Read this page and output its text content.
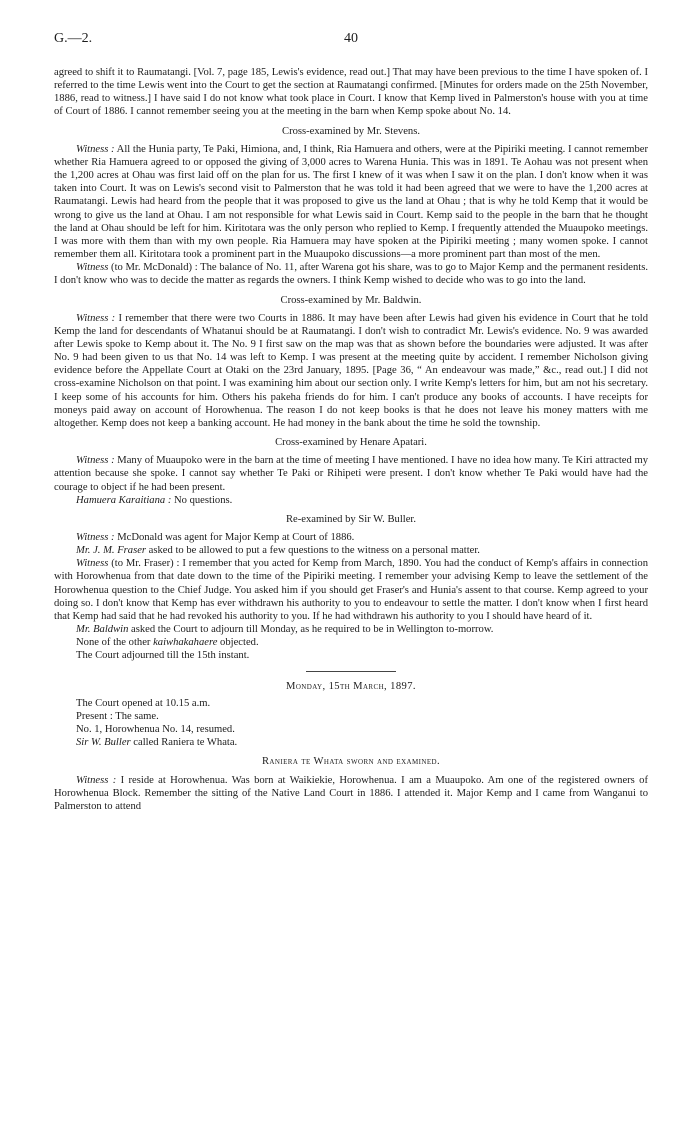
G.—2.	40

agreed to shift it to Raumatangi. [Vol. 7, page 185, Lewis's evidence, read out.] That may have been previous to the time I have spoken of. I referred to the time Lewis went into the Court to get the section at Raumatangi confirmed. [Minutes for orders made on the 25th November, 1886, read to witness.] I have said I do not know what took place in Court. I know that Kemp lived in Palmerston's house with you at time of Court of 1886. I cannot remember seeing you at the meeting in the barn when Kemp spoke about No. 14.

Cross-examined by Mr. Stevens.

Witness : All the Hunia party, Te Paki, Himiona, and, I think, Ria Hamuera and others, were at the Pipiriki meeting. I cannot remember whether Ria Hamuera agreed to or opposed the giving of 3,000 acres to Warena Hunia. This was in 1891. Te Aohau was not present when the 1,200 acres at Ohau was first laid off on the plan for us. The first I knew of it was when I saw it on the plan. I don't know when it was taken into Court. It was on Lewis's second visit to Palmerston that he was told it had been agreed that we were to have the 1,200 acres at Raumatangi. Lewis had heard from the people that it was proposed to give us the land at Ohau ; that is why he told Kemp that it would be wrong to give us the land at Ohau. I am not responsible for what Lewis said in Court. Kemp said to the people in the barn that he thought the land at Ohau should be left for him. Kiritotara was the only person who replied to Kemp. I frequently attended the Muaupoko meetings. I was more with them than with my own people. Ria Hamuera may have spoken at the Pipiriki meeting ; many women spoke. I cannot remember them all. Kiritotara took a prominent part in the Muaupoko discussions—a more prominent part than most of the men.

Witness (to Mr. McDonald) : The balance of No. 11, after Warena got his share, was to go to Major Kemp and the permanent residents. I don't know who was to decide the matter as regards the owners. I think Kemp wished to decide who was to go into the land.

Cross-examined by Mr. Baldwin.

Witness : I remember that there were two Courts in 1886. It may have been after Lewis had given his evidence in Court that he told Kemp the land for descendants of Whatanui should be at Raumatangi. I don't wish to contradict Mr. Lewis's evidence. No. 9 was awarded after Lewis spoke to Kemp about it. The No. 9 I first saw on the map was that as shown before the boundaries were adjusted. It was after No. 9 had been given to us that No. 14 was left to Kemp. I was present at the meeting quite by accident. I remember Nicholson giving evidence before the Appellate Court at Otaki on the 23rd January, 1895. [Page 36, “ An endeavour was made,” &c., read out.] I did not cross-examine Nicholson on that point. I was examining him about our section only. I write Kemp's letters for him, but am not his secretary. I keep some of his accounts for him. Others his pakeha friends do for him. I can't produce any books of accounts. I have receipts for moneys paid away on account of Horowhenua. The reason I do not keep books is that he does not leave his money matters with me altogether. Kemp does not keep a banking account. He had money in the bank about the time he sold the township.

Cross-examined by Henare Apatari.

Witness : Many of Muaupoko were in the barn at the time of meeting I have mentioned. I have no idea how many. Te Kiri attracted my attention because she spoke. I cannot say whether Te Paki or Rihipeti were present. I don't know whether Te Paki would have had the courage to object if he had been present.

Hamuera Karaitiana : No questions.

Re-examined by Sir W. Buller.

Witness : McDonald was agent for Major Kemp at Court of 1886.

Mr. J. M. Fraser asked to be allowed to put a few questions to the witness on a personal matter.

Witness (to Mr. Fraser) : I remember that you acted for Kemp from March, 1890. You had the conduct of Kemp's affairs in connection with Horowhenua from that date down to the time of the Pipiriki meeting. I remember your advising Kemp to leave the settlement of the Horowhenua question to the Chief Judge. You asked him if you should get Fraser's and Hunia's assent to that course. Kemp agreed to your doing so. I don't know that Kemp has ever withdrawn his authority to you to endeavour to settle the matter. I don't know when I first heard that Kemp had said that he had revoked his authority to you. If he had withdrawn his authority to you I should have heard of it.

Mr. Baldwin asked the Court to adjourn till Monday, as he required to be in Wellington to-morrow.

None of the other kaiwhakahaere objected.

The Court adjourned till the 15th instant.

Monday, 15th March, 1897.

The Court opened at 10.15 a.m.

Present : The same.

No. 1, Horowhenua No. 14, resumed.

Sir W. Buller called Raniera te Whata.

Raniera te Whata sworn and examined.

Witness : I reside at Horowhenua. Was born at Waikiekie, Horowhenua. I am a Muaupoko. Am one of the registered owners of Horowhenua Block. Remember the sitting of the Native Land Court in 1886. I attended it. Major Kemp and I came from Wanganui to Palmerston to attend
